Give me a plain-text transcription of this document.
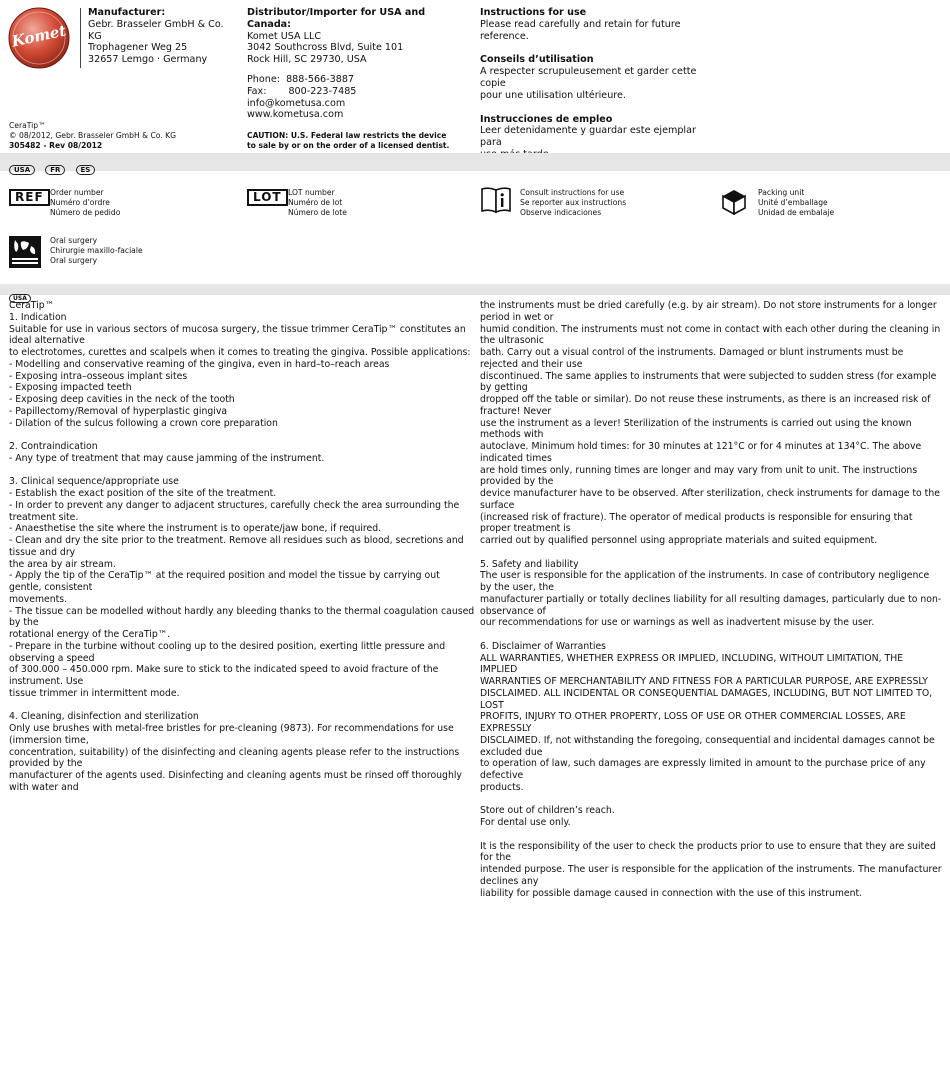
Komet
Manufacturer:
Gebr. Brasseler GmbH & Co. KG
Trophagener Weg 25
32657 Lemgo · Germany
Distributor/Importer for USA and Canada:
Komet USA LLC
3042 Southcross Blvd, Suite 101
Rock Hill, SC 29730, USA
Phone: 888-566-3887
Fax: 800-223-7485
info@kometusa.com
www.kometusa.com
CAUTION: U.S. Federal law restricts the device
to sale by or on the order of a licensed dentist.
Instructions for use
Please read carefully and retain for future reference.
Conseils d’utilisation
A respecter scrupuleusement et garder cette copie
pour une utilisation ultérieure.
Instrucciones de empleo
Leer detenidamente y guardar este ejemplar para
CeraTip™
© 08/2012, Gebr. Brasseler GmbH & Co. KG
305482 - Rev 08/2012
USA	FR	ES
REF Order number
Numéro d’ordre
Número de pedido
LOT LOT number
Numéro de lot
Número de lote
Consult instructions for use
Se reporter aux instructions
Observe indicaciones
Packing unit
Unité d’emballage
Unidad de embalaje
Oral surgery
Chirurgie maxillo-faciale
Oral surgery
USA

CeraTip™

1. Indication

Suitable for use in various sectors of mucosa surgery, the tissue trimmer CeraTip™ constitutes an ideal alternative

to electrotomes, curettes and scalpels when it comes to treating the gingiva. Possible applications:

- Modelling and conservative reaming of the gingiva, even in hard–to–reach areas

- Exposing intra–osseous implant sites

- Exposing impacted teeth

- Exposing deep cavities in the neck of the tooth

- Papillectomy/Removal of hyperplastic gingiva

- Dilation of the sulcus following a crown core preparation

2. Contraindication

- Any type of treatment that may cause jamming of the instrument.

3. Clinical sequence/appropriate use

- Establish the exact position of the site of the treatment.

- In order to prevent any danger to adjacent structures, carefully check the area surrounding the treatment site.

- Anaesthetise the site where the instrument is to operate/jaw bone, if required.

- Clean and dry the site prior to the treatment. Remove all residues such as blood, secretions and tissue and dry

the area by air stream.

- Apply the tip of the CeraTip™ at the required position and model the tissue by carrying out gentle, consistent

movements.

- The tissue can be modelled without hardly any bleeding thanks to the thermal coagulation caused by the

rotational energy of the CeraTip™.

- Prepare in the turbine without cooling up to the desired position, exerting little pressure and observing a speed

of 300.000 – 450.000 rpm. Make sure to stick to the indicated speed to avoid fracture of the instrument. Use

tissue trimmer in intermittent mode.

4. Cleaning, disinfection and sterilization

Only use brushes with metal-free bristles for pre-cleaning (9873). For recommendations for use (immersion time,

concentration, suitability) of the disinfecting and cleaning agents please refer to the instructions provided by the

manufacturer of the agents used. Disinfecting and cleaning agents must be rinsed off thoroughly with water and

the instruments must be dried carefully (e.g. by air stream). Do not store instruments for a longer period in wet or

humid condition. The instruments must not come in contact with each other during the cleaning in the ultrasonic

bath. Carry out a visual control of the instruments. Damaged or blunt instruments must be rejected and their use

discontinued. The same applies to instruments that were subjected to sudden stress (for example by getting

dropped off the table or similar). Do not reuse these instruments, as there is an increased risk of fracture! Never

use the instrument as a lever! Sterilization of the instruments is carried out using the known methods with

autoclave. Minimum hold times: for 30 minutes at 121°C or for 4 minutes at 134°C. The above indicated times

are hold times only, running times are longer and may vary from unit to unit. The instructions provided by the

device manufacturer have to be observed. After sterilization, check instruments for damage to the surface

(increased risk of fracture). The operator of medical products is responsible for ensuring that proper treatment is

carried out by qualified personnel using appropriate materials and suited equipment.

5. Safety and liability

The user is responsible for the application of the instruments. In case of contributory negligence by the user, the

manufacturer partially or totally declines liability for all resulting damages, particularly due to non-observance of

our recommendations for use or warnings as well as inadvertent misuse by the user.

6. Disclaimer of Warranties

ALL WARRANTIES, WHETHER EXPRESS OR IMPLIED, INCLUDING, WITHOUT LIMITATION, THE IMPLIED

WARRANTIES OF MERCHANTABILITY AND FITNESS FOR A PARTICULAR PURPOSE, ARE EXPRESSLY

DISCLAIMED. ALL INCIDENTAL OR CONSEQUENTIAL DAMAGES, INCLUDING, BUT NOT LIMITED TO, LOST

PROFITS, INJURY TO OTHER PROPERTY, LOSS OF USE OR OTHER COMMERCIAL LOSSES, ARE EXPRESSLY

DISCLAIMED. If, not withstanding the foregoing, consequential and incidental damages cannot be excluded due

to operation of law, such damages are expressly limited in amount to the purchase price of any defective

products.

Store out of children’s reach.

For dental use only.

It is the responsibility of the user to check the products prior to use to ensure that they are suited for the

intended purpose. The user is responsible for the application of the instruments. The manufacturer declines any

liability for possible damage caused in connection with the use of this instrument.
